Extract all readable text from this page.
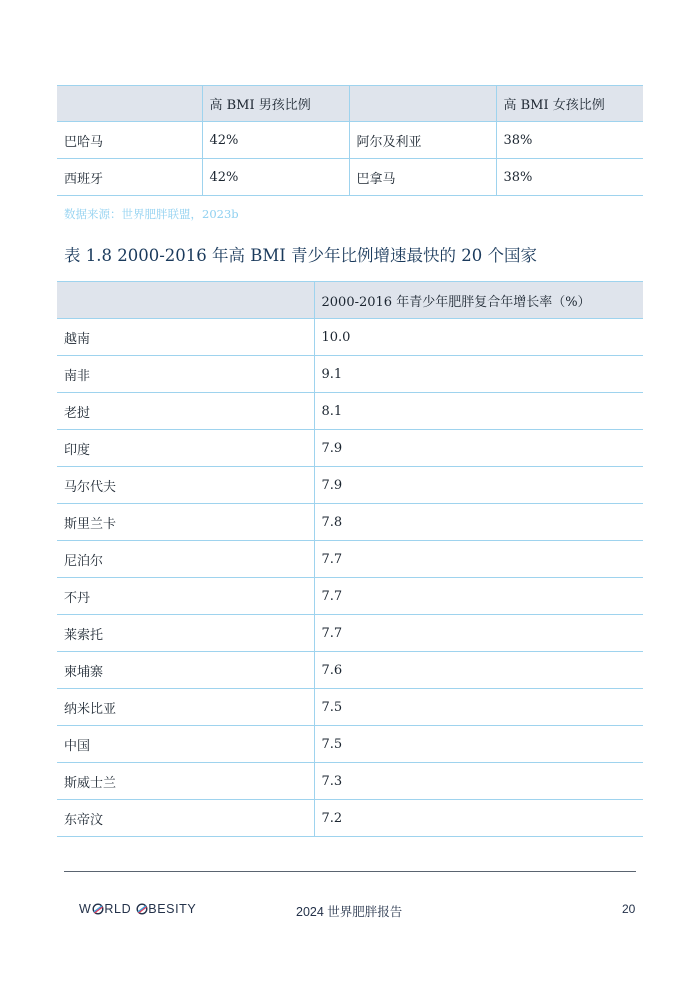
	高 BMI 男孩比例		高 BMI 女孩比例
巴哈马	42%	阿尔及利亚	38%
西班牙	42%	巴拿马	38%
数据来源：世界肥胖联盟，2023b
表 1.8 2000-2016 年高 BMI 青少年比例增速最快的 20 个国家
	2000-2016 年青少年肥胖复合年增长率（%）
越南	10.0
南非	9.1
老挝	8.1
印度	7.9
马尔代夫	7.9
斯里兰卡	7.8
尼泊尔	7.7
不丹	7.7
莱索托	7.7
柬埔寨	7.6
纳米比亚	7.5
中国	7.5
斯威士兰	7.3
东帝汶	7.2
W RLD BESITY	2024 世界肥胖报告	20
